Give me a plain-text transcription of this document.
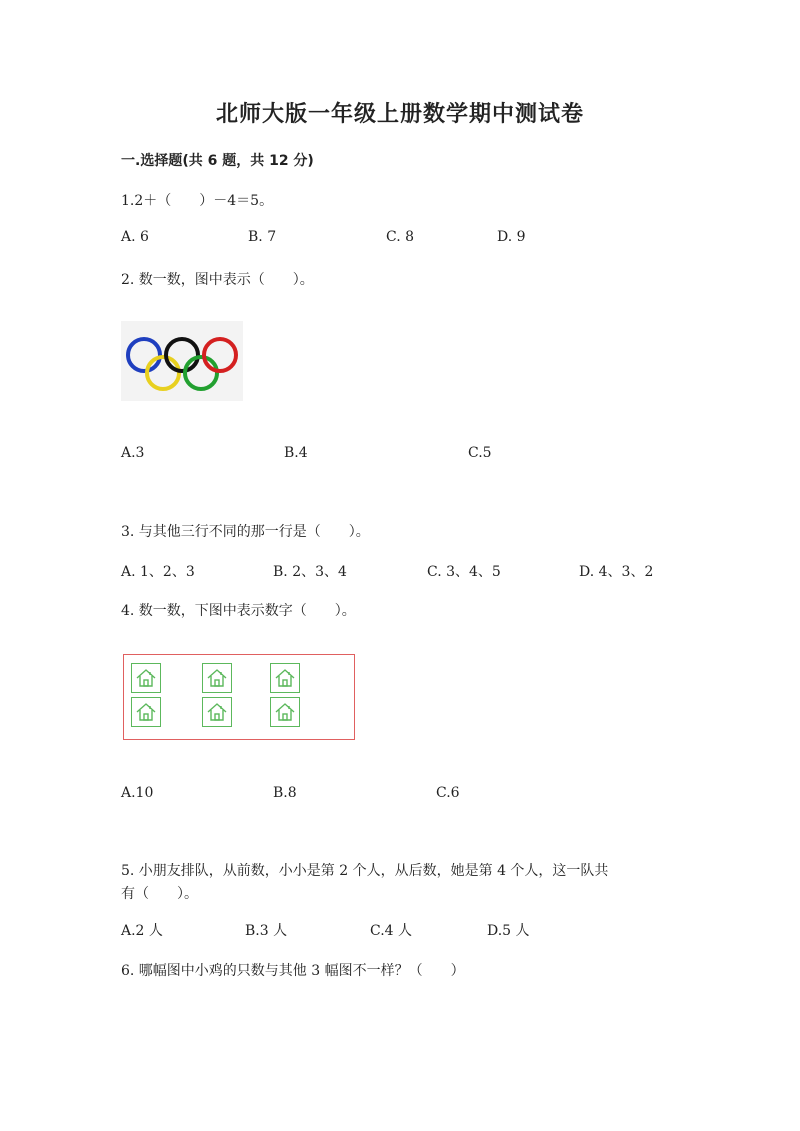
北师大版一年级上册数学期中测试卷
一.选择题(共 6 题，共 12 分)
1.2＋（　　）－4＝5。
A. 6	B. 7	C. 8	D. 9
2. 数一数，图中表示（　　）。
A.3	B.4	C.5
3. 与其他三行不同的那一行是（　　）。
A. 1、2、3	B. 2、3、4	C. 3、4、5	D. 4、3、2
4. 数一数，下图中表示数字（　　）。
A.10	B.8	C.6
5. 小朋友排队，从前数，小小是第 2 个人，从后数，她是第 4 个人，这一队共
有（　　）。
A.2 人	B.3 人	C.4 人	D.5 人
6. 哪幅图中小鸡的只数与其他 3 幅图不一样？（　　）
